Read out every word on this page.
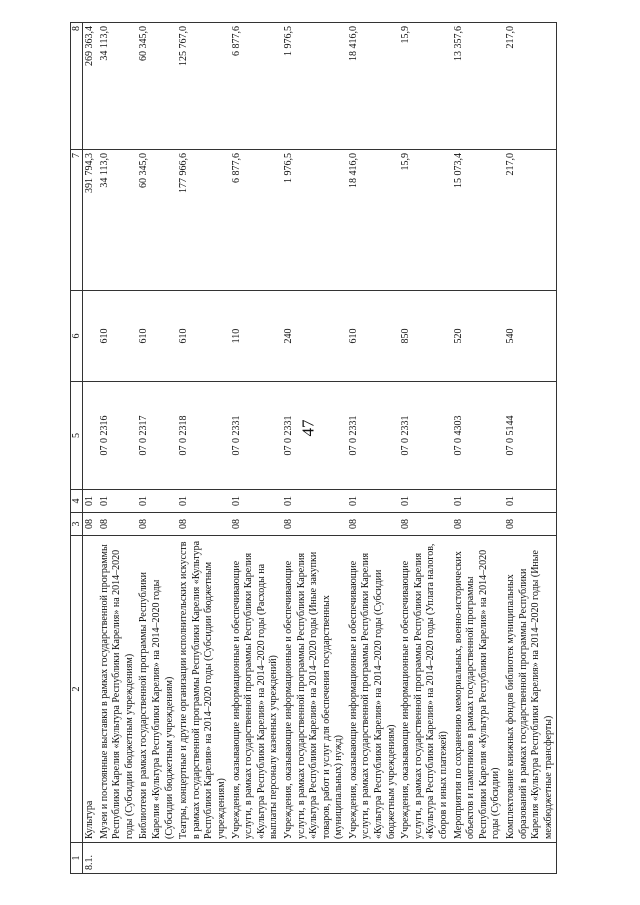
47
1	2	3	4	5	6	7	8
8.1.	Культура	08	01			391 794,3	269 363,4
	Музеи и постоянные выставки в рамках государственной программы Республики Карелия «Культура Республики Карелия» на 2014–2020 годы (Субсидии бюджетным учреждениям)	08	01	07 0 2316	610	34 113,0	34 113,0
	Библиотеки в рамках государственной программы Республики Карелия «Культура Республики Карелия» на 2014–2020 годы (Субсидии бюджетным учреждениям)	08	01	07 0 2317	610	60 345,0	60 345,0
	Театры, концертные и другие организации исполнительских искусств в рамках государственной программы Республики Карелия «Культура Республики Карелия» на 2014–2020 годы (Субсидии бюджетным учреждениям)	08	01	07 0 2318	610	177 966,6	125 767,0
	Учреждения, оказывающие информационные и обеспечивающие услуги, в рамках государственной программы Республики Карелия «Культура Республики Карелия» на 2014–2020 годы (Расходы на выплаты персоналу казенных учреждений)	08	01	07 0 2331	110	6 877,6	6 877,6
	Учреждения, оказывающие информационные и обеспечивающие услуги, в рамках государственной программы Республики Карелия «Культура Республики Карелия» на 2014–2020 годы (Иные закупки товаров, работ и услуг для обеспечения государственных (муниципальных) нужд)	08	01	07 0 2331	240	1 976,5	1 976,5
	Учреждения, оказывающие информационные и обеспечивающие услуги, в рамках государственной программы Республики Карелия «Культура Республики Карелия» на 2014–2020 годы (Субсидии бюджетным учреждениям)	08	01	07 0 2331	610	18 416,0	18 416,0
	Учреждения, оказывающие информационные и обеспечивающие услуги, в рамках государственной программы Республики Карелия «Культура Республики Карелия» на 2014–2020 годы (Уплата налогов, сборов и иных платежей)	08	01	07 0 2331	850	15,9	15,9
	Мероприятия по сохранению мемориальных, военно-исторических объектов и памятников в рамках государственной программы Республики Карелия «Культура Республики Карелия» на 2014–2020 годы (Субсидии)	08	01	07 0 4303	520	15 073,4	13 357,6
	Комплектование книжных фондов библиотек муниципальных образований в рамках государственной программы Республики Карелия «Культура Республики Карелия» на 2014–2020 годы (Иные межбюджетные трансферты)	08	01	07 0 5144	540	217,0	217,0
